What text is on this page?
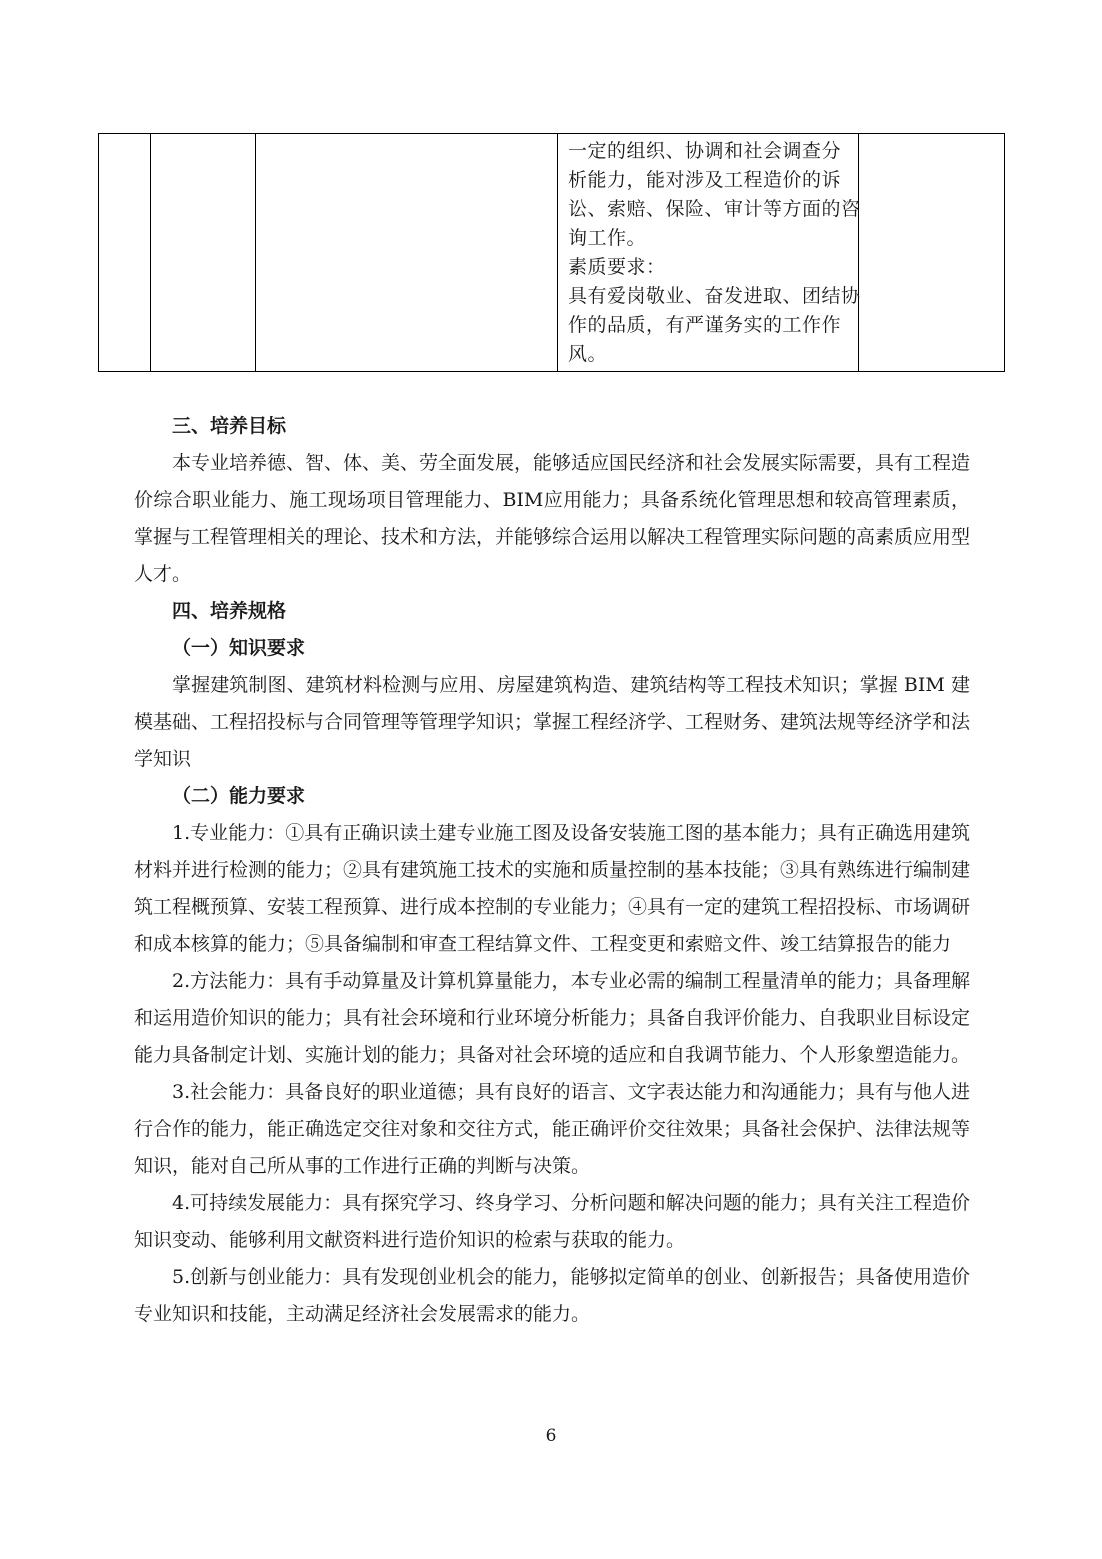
一定的组织、协调和社会调查分
析能力，能对涉及工程造价的诉
讼、索赔、保险、审计等方面的咨
询工作。
素质要求：
具有爱岗敬业、奋发进取、团结协
作的品质，有严谨务实的工作作
风。

三、培养目标

本专业培养德、智、体、美、劳全面发展，能够适应国民经济和社会发展实际需要，具有工程造价综合职业能力、施工现场项目管理能力、BIM应用能力；具备系统化管理思想和较高管理素质，掌握与工程管理相关的理论、技术和方法，并能够综合运用以解决工程管理实际问题的高素质应用型人才。

四、培养规格
（一）知识要求

掌握建筑制图、建筑材料检测与应用、房屋建筑构造、建筑结构等工程技术知识；掌握 BIM 建模基础、工程招投标与合同管理等管理学知识；掌握工程经济学、工程财务、建筑法规等经济学和法学知识

（二）能力要求

1.专业能力：①具有正确识读土建专业施工图及设备安装施工图的基本能力；具有正确选用建筑材料并进行检测的能力；②具有建筑施工技术的实施和质量控制的基本技能；③具有熟练进行编制建筑工程概预算、安装工程预算、进行成本控制的专业能力；④具有一定的建筑工程招投标、市场调研和成本核算的能力；⑤具备编制和审查工程结算文件、工程变更和索赔文件、竣工结算报告的能力

2.方法能力：具有手动算量及计算机算量能力，本专业必需的编制工程量清单的能力；具备理解和运用造价知识的能力；具有社会环境和行业环境分析能力；具备自我评价能力、自我职业目标设定能力具备制定计划、实施计划的能力；具备对社会环境的适应和自我调节能力、个人形象塑造能力。

3.社会能力：具备良好的职业道德；具有良好的语言、文字表达能力和沟通能力；具有与他人进行合作的能力，能正确选定交往对象和交往方式，能正确评价交往效果；具备社会保护、法律法规等知识，能对自己所从事的工作进行正确的判断与决策。

4.可持续发展能力：具有探究学习、终身学习、分析问题和解决问题的能力；具有关注工程造价知识变动、能够利用文献资料进行造价知识的检索与获取的能力。

5.创新与创业能力：具有发现创业机会的能力，能够拟定简单的创业、创新报告；具备使用造价专业知识和技能，主动满足经济社会发展需求的能力。

6
